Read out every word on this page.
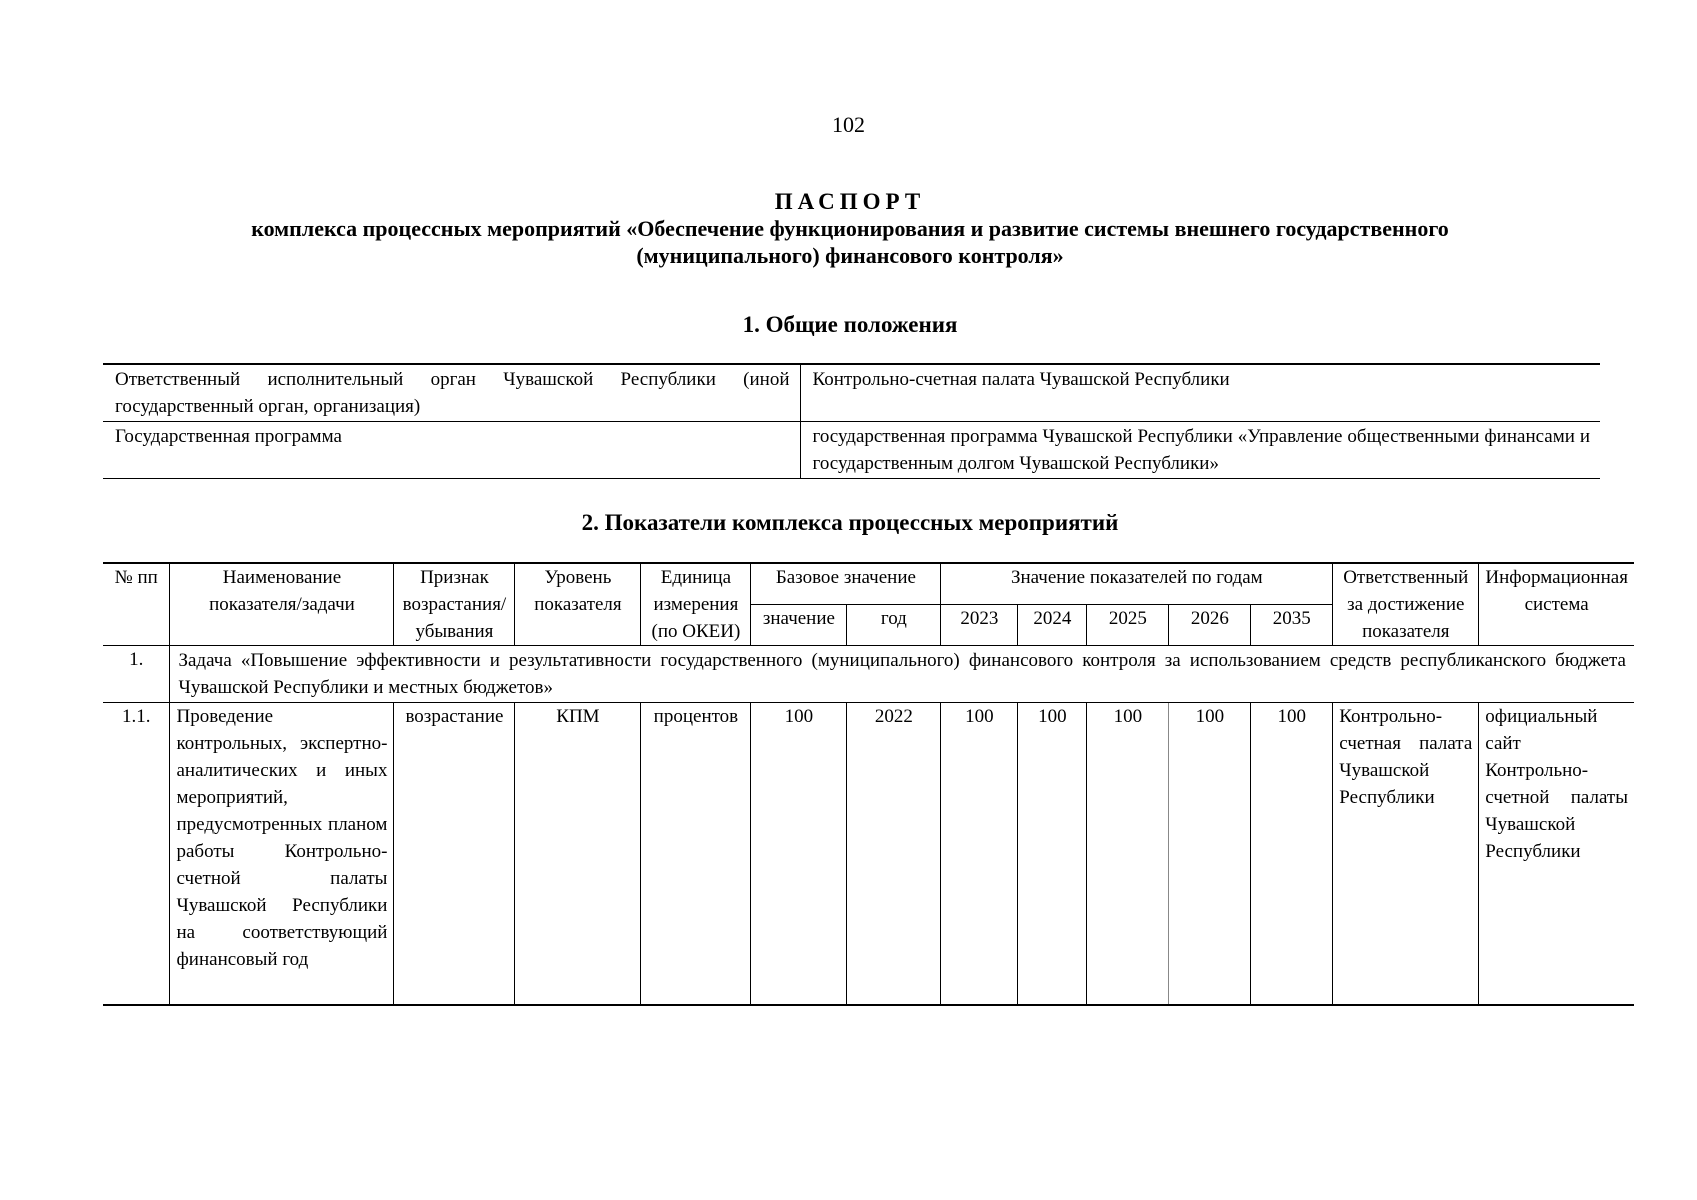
102
ПАСПОРТ
комплекса процессных мероприятий «Обеспечение функционирования и развитие системы внешнего государственного
(муниципального) финансового контроля»
1. Общие положения
Ответственный исполнительный орган Чувашской Республики (иной государственный орган, организация)	Контрольно-счетная палата Чувашской Республики
Государственная программа	государственная программа Чувашской Республики «Управление общественными финансами и государственным долгом Чувашской Республики»
2. Показатели комплекса процессных мероприятий
№ пп	Наименование показателя/задачи	Признак возрастания/убывания	Уровень показателя	Единица измерения (по ОКЕИ)	Базовое значение		Значение показателей по годам					Ответственный за достижение показателя	Информационная система
					значение	год	2023	2024	2025	2026	2035		
1.	Задача «Повышение эффективности и результативности государственного (муниципального) финансового контроля за использованием средств республиканского бюджета Чувашской Республики и местных бюджетов»												
1.1.	Проведение контрольных, экспертно-аналитических и иных мероприятий, предусмотренных планом работы Контрольно-счетной палаты Чувашской Республики на соответствующий финансовый год	возрастание	КПМ	процентов	100	2022	100	100	100	100	100	Контрольно-счетная палата Чувашской Республики	официальный сайт Контрольно-счетной палаты Чувашской Республики
